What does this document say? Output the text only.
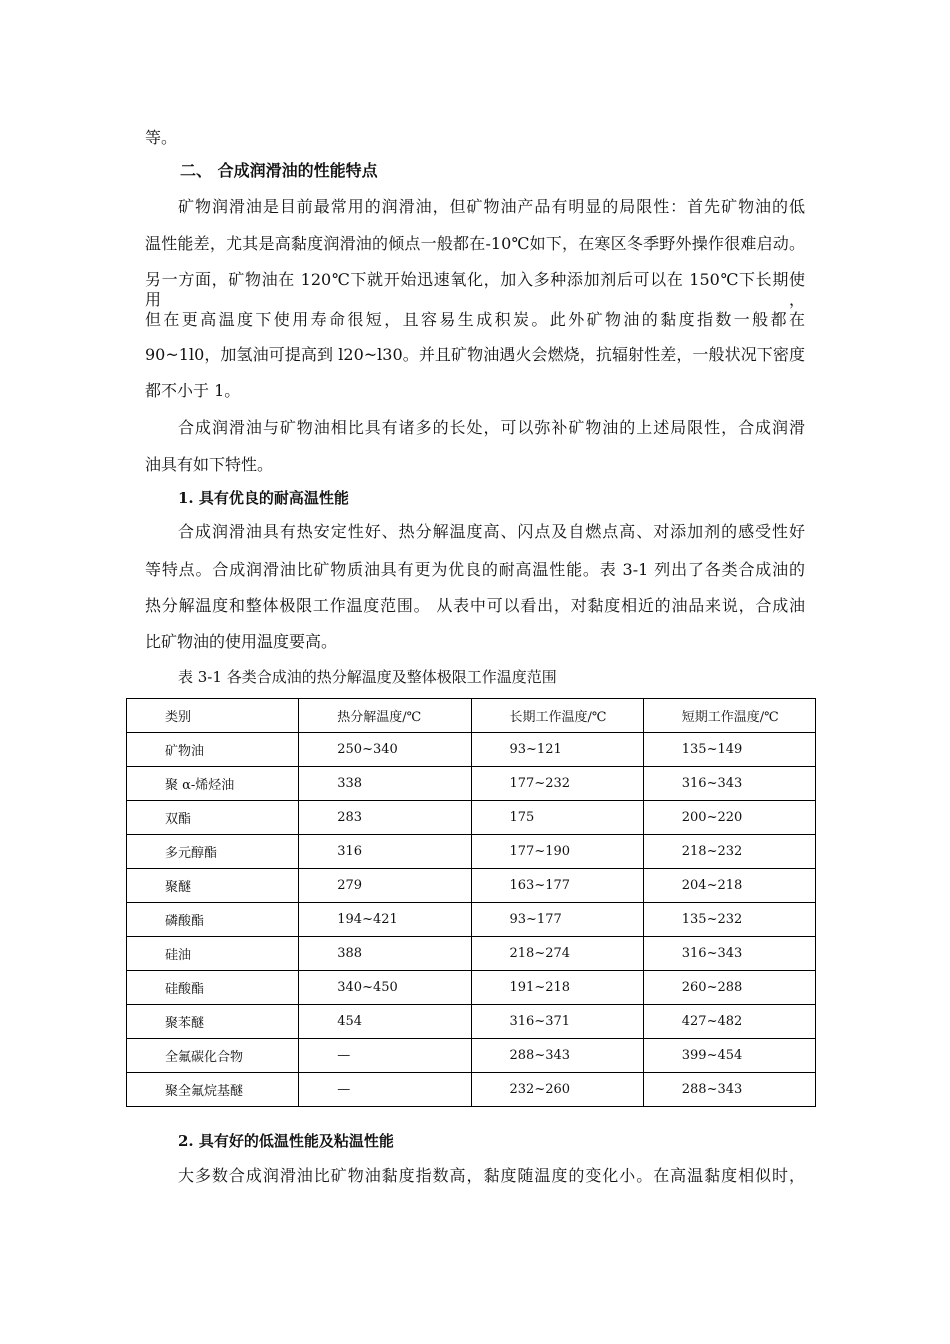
等。
二、 合成润滑油的性能特点
矿物润滑油是目前最常用的润滑油，但矿物油产品有明显的局限性：首先矿物油的低
温性能差，尤其是高黏度润滑油的倾点一般都在-10℃如下，在寒区冬季野外操作很难启动。
另一方面，矿物油在 120℃下就开始迅速氧化，加入多种添加剂后可以在 150℃下长期使用，
但在更高温度下使用寿命很短，且容易生成积炭。此外矿物油的黏度指数一般都在
90~1l0，加氢油可提高到 l20~l30。并且矿物油遇火会燃烧，抗辐射性差，一般状况下密度
都不小于 1。
合成润滑油与矿物油相比具有诸多的长处，可以弥补矿物油的上述局限性，合成润滑
油具有如下特性。
1. 具有优良的耐高温性能
合成润滑油具有热安定性好、热分解温度高、闪点及自燃点高、对添加剂的感受性好
等特点。合成润滑油比矿物质油具有更为优良的耐高温性能。表 3-1 列出了各类合成油的
热分解温度和整体极限工作温度范围。 从表中可以看出，对黏度相近的油品来说，合成油
比矿物油的使用温度要高。
表 3-1 各类合成油的热分解温度及整体极限工作温度范围
类别	热分解温度/℃	长期工作温度/℃	短期工作温度/℃
矿物油	250~340	93~121	135~149
聚 α-烯烃油	338	177~232	316~343
双酯	283	175	200~220
多元醇酯	316	177~190	218~232
聚醚	279	163~177	204~218
磷酸酯	194~421	93~177	135~232
硅油	388	218~274	316~343
硅酸酯	340~450	191~218	260~288
聚苯醚	454	316~371	427~482
全氟碳化合物	—	288~343	399~454
聚全氟烷基醚	—	232~260	288~343
2. 具有好的低温性能及粘温性能
大多数合成润滑油比矿物油黏度指数高，黏度随温度的变化小。在高温黏度相似时，
